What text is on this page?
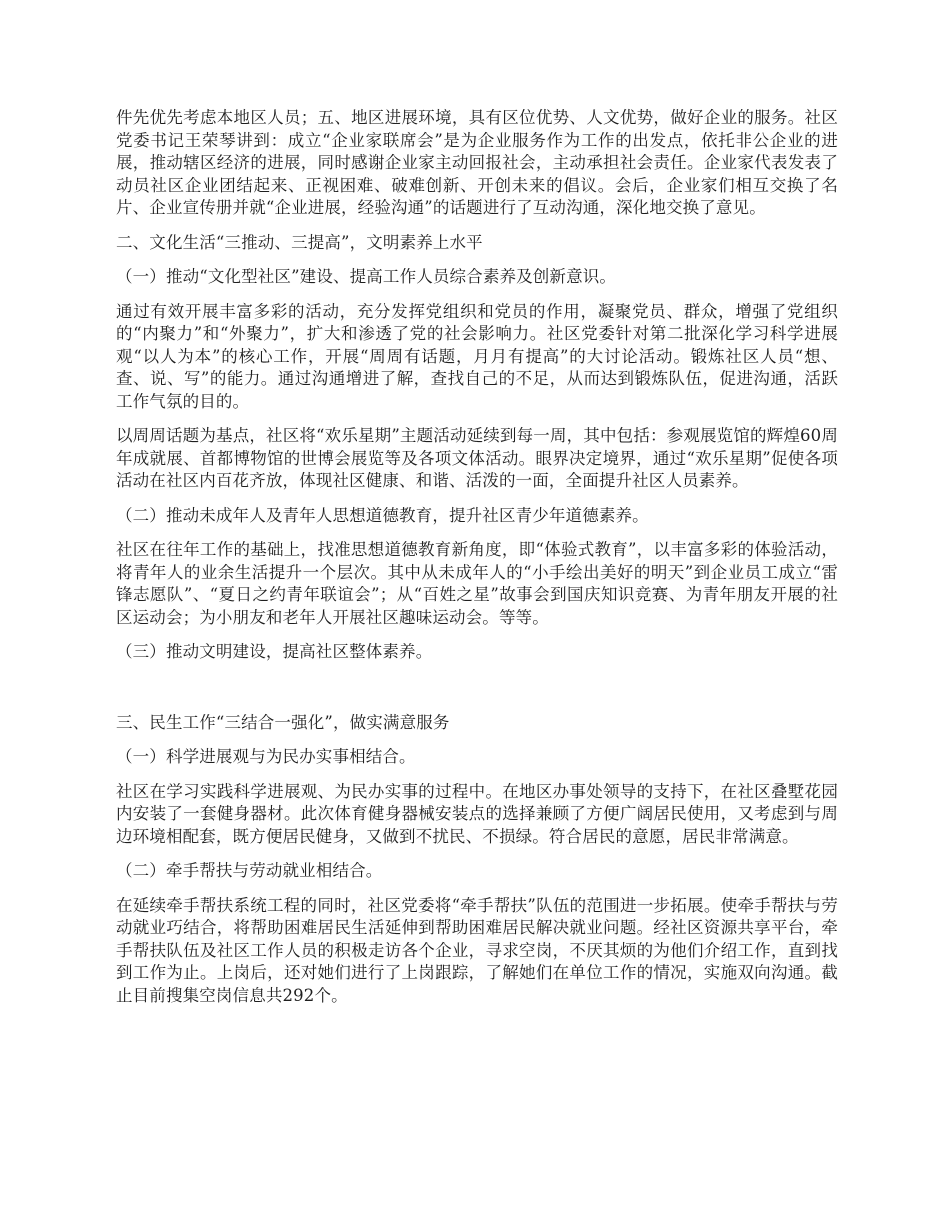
件先优先考虑本地区人员；五、地区进展环境，具有区位优势、人文优势，做好企业的服务。社区党委书记王荣琴讲到：成立“企业家联席会”是为企业服务作为工作的出发点，依托非公企业的进展，推动辖区经济的进展，同时感谢企业家主动回报社会，主动承担社会责任。企业家代表发表了动员社区企业团结起来、正视困难、破难创新、开创未来的倡议。会后，企业家们相互交换了名片、企业宣传册并就“企业进展，经验沟通”的话题进行了互动沟通，深化地交换了意见。

二、文化生活“三推动、三提高”，文明素养上水平

（一）推动“文化型社区”建设、提高工作人员综合素养及创新意识。

通过有效开展丰富多彩的活动，充分发挥党组织和党员的作用，凝聚党员、群众，增强了党组织的“内聚力”和“外聚力”，扩大和渗透了党的社会影响力。社区党委针对第二批深化学习科学进展观“以人为本”的核心工作，开展“周周有话题，月月有提高”的大讨论活动。锻炼社区人员“想、查、说、写”的能力。通过沟通增进了解，查找自己的不足，从而达到锻炼队伍，促进沟通，活跃工作气氛的目的。

以周周话题为基点，社区将“欢乐星期”主题活动延续到每一周，其中包括：参观展览馆的辉煌60周年成就展、首都博物馆的世博会展览等及各项文体活动。眼界决定境界，通过“欢乐星期”促使各项活动在社区内百花齐放，体现社区健康、和谐、活泼的一面，全面提升社区人员素养。

（二）推动未成年人及青年人思想道德教育，提升社区青少年道德素养。

社区在往年工作的基础上，找准思想道德教育新角度，即“体验式教育”，以丰富多彩的体验活动，将青年人的业余生活提升一个层次。其中从未成年人的“小手绘出美好的明天”到企业员工成立“雷锋志愿队”、“夏日之约青年联谊会”；从“百姓之星”故事会到国庆知识竞赛、为青年朋友开展的社区运动会；为小朋友和老年人开展社区趣味运动会。等等。

（三）推动文明建设，提高社区整体素养。

三、民生工作“三结合一强化”，做实满意服务

（一）科学进展观与为民办实事相结合。

社区在学习实践科学进展观、为民办实事的过程中。在地区办事处领导的支持下，在社区叠墅花园内安装了一套健身器材。此次体育健身器械安装点的选择兼顾了方便广阔居民使用，又考虑到与周边环境相配套，既方便居民健身，又做到不扰民、不损绿。符合居民的意愿，居民非常满意。

（二）牵手帮扶与劳动就业相结合。

在延续牵手帮扶系统工程的同时，社区党委将“牵手帮扶”队伍的范围进一步拓展。使牵手帮扶与劳动就业巧结合，将帮助困难居民生活延伸到帮助困难居民解决就业问题。经社区资源共享平台，牵手帮扶队伍及社区工作人员的积极走访各个企业，寻求空岗，不厌其烦的为他们介绍工作，直到找到工作为止。上岗后，还对她们进行了上岗跟踪，了解她们在单位工作的情况，实施双向沟通。截止目前搜集空岗信息共292个。
